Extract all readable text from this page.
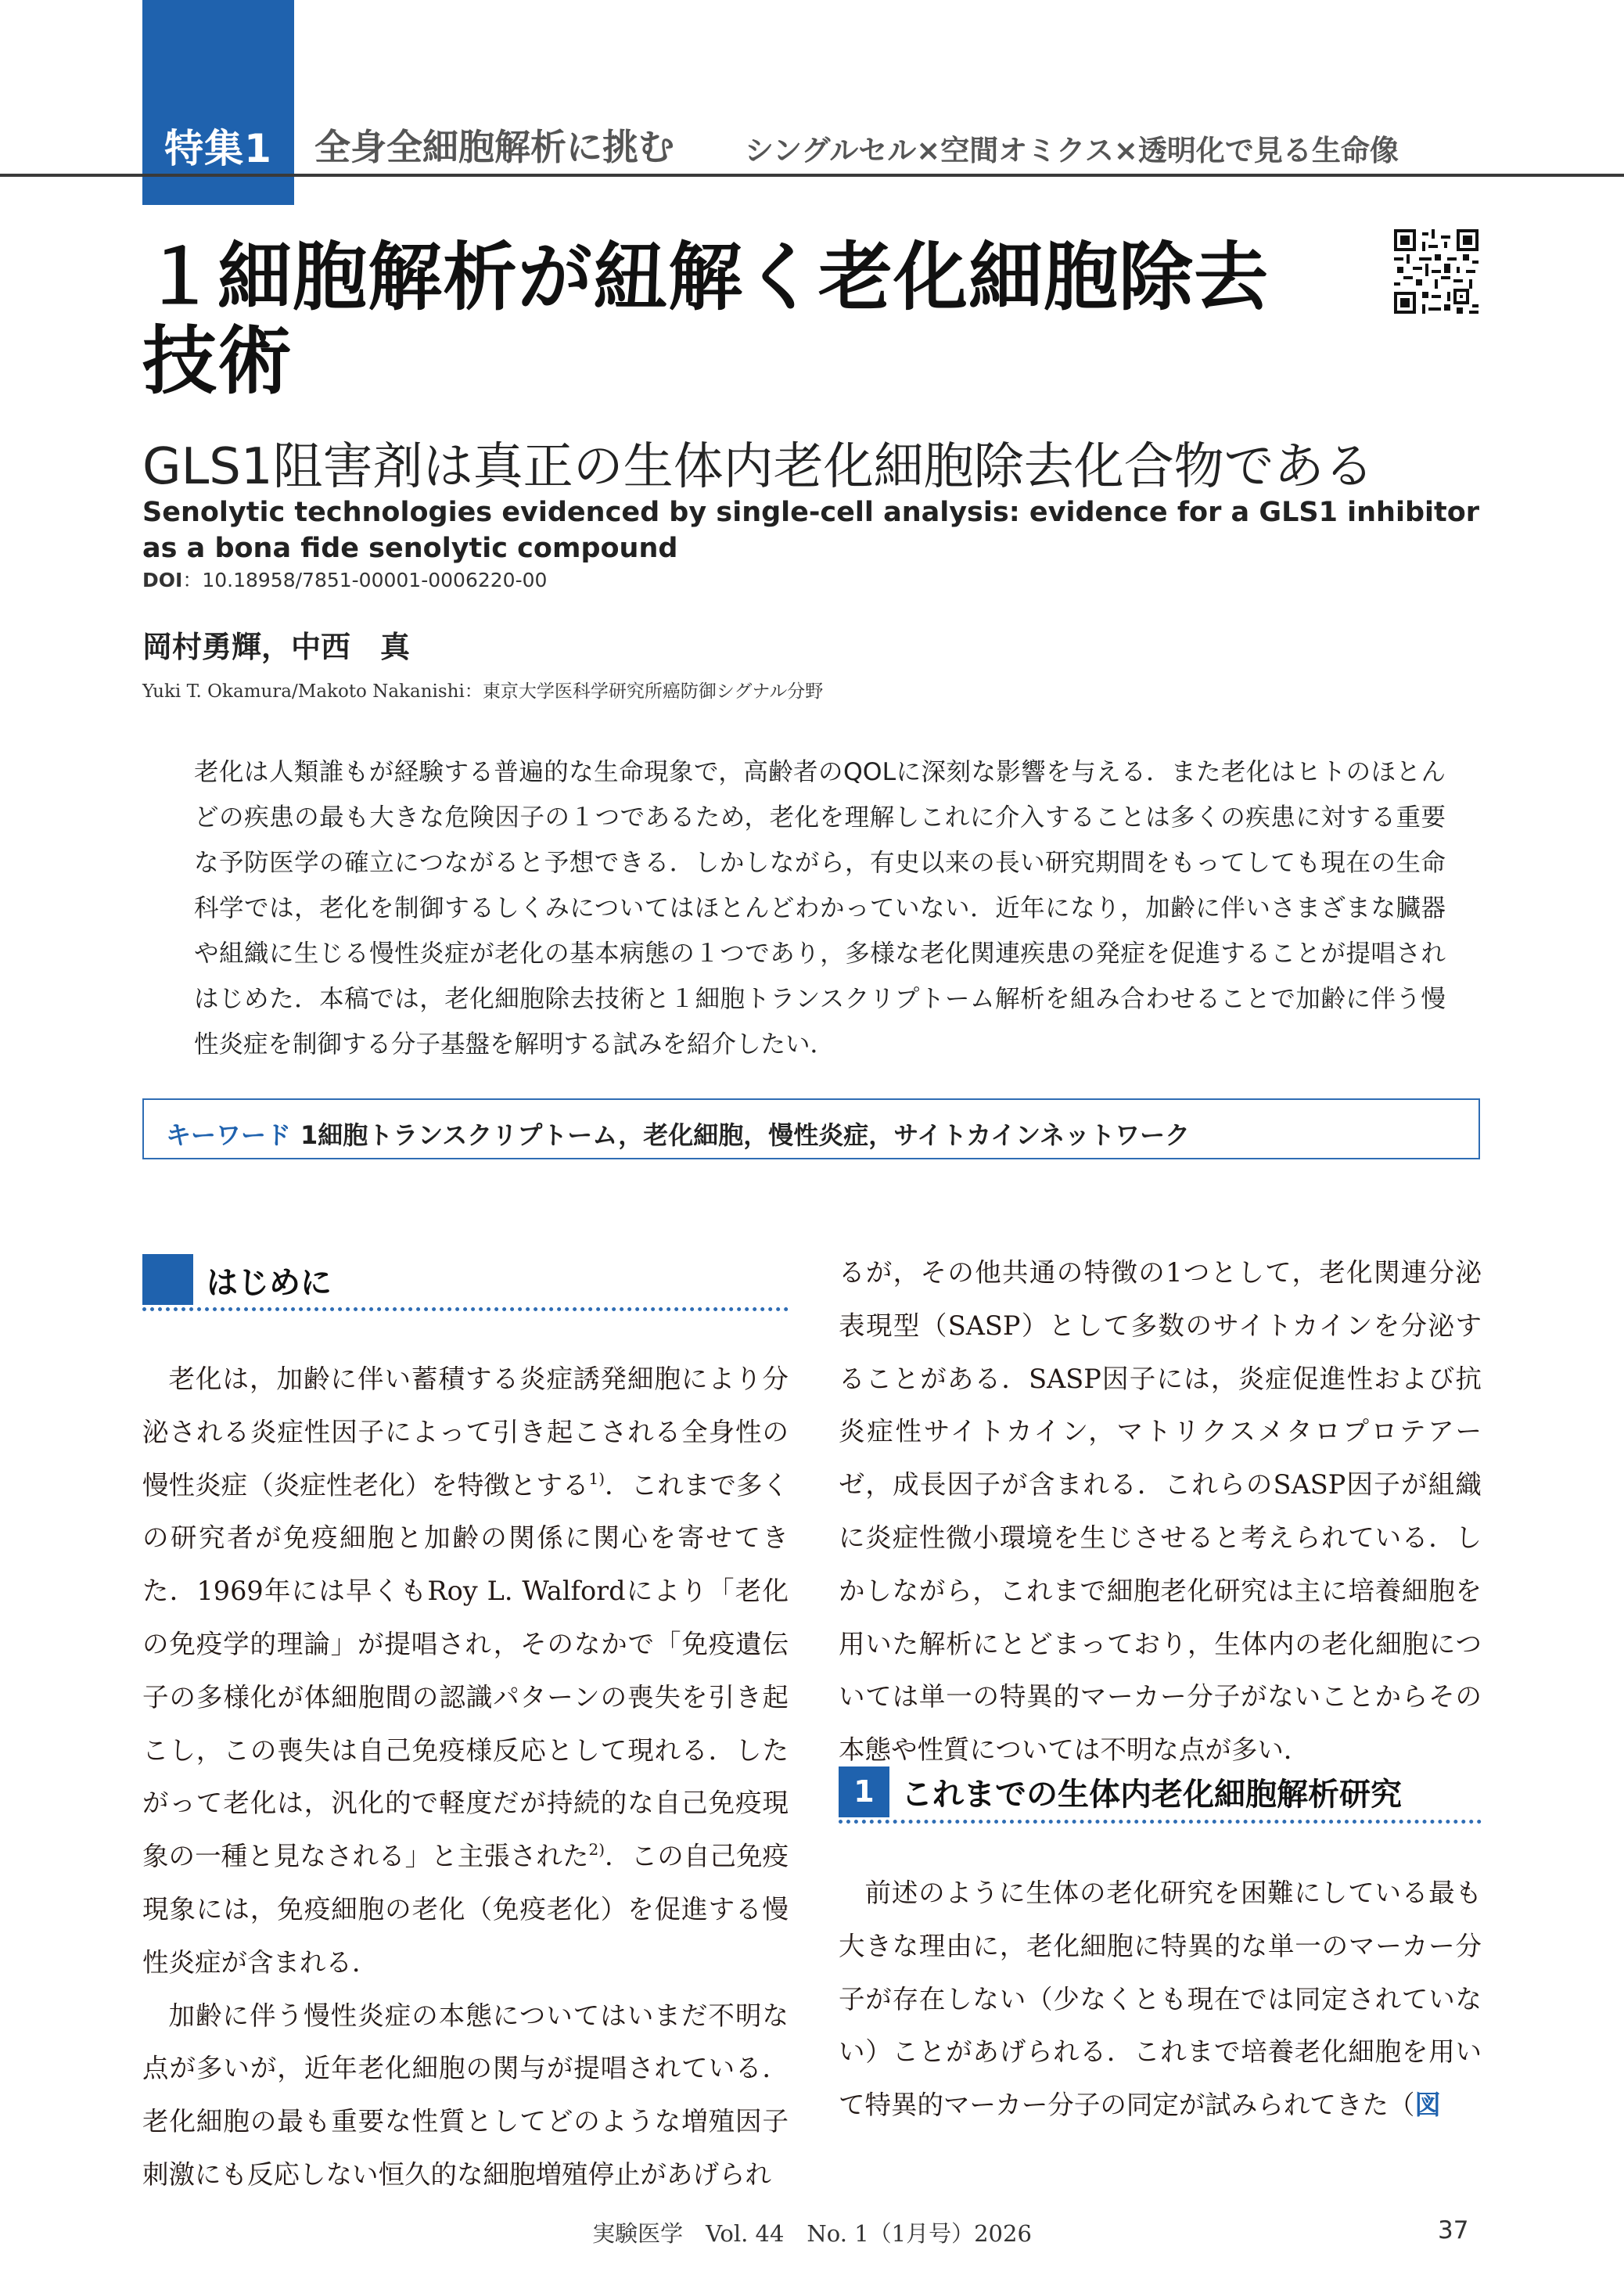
特集1	全身全細胞解析に挑む シングルセル×空間オミクス×透明化で見る生命像
１細胞解析が紐解く老化細胞除去
技術
GLS1阻害剤は真正の生体内老化細胞除去化合物である
Senolytic technologies evidenced by single-cell analysis: evidence for a GLS1 inhibitor as a bona fide senolytic compound
DOI：10.18958/7851-00001-0006220-00
岡村勇輝，中西　真
Yuki T. Okamura/Makoto Nakanishi：東京大学医科学研究所癌防御シグナル分野
老化は人類誰もが経験する普遍的な生命現象で，高齢者のQOLに深刻な影響を与える．また老化はヒトのほとんどの疾患の最も大きな危険因子の１つであるため，老化を理解しこれに介入することは多くの疾患に対する重要な予防医学の確立につながると予想できる．しかしながら，有史以来の長い研究期間をもってしても現在の生命科学では，老化を制御するしくみについてはほとんどわかっていない．近年になり，加齢に伴いさまざまな臓器や組織に生じる慢性炎症が老化の基本病態の１つであり，多様な老化関連疾患の発症を促進することが提唱されはじめた．本稿では，老化細胞除去技術と１細胞トランスクリプトーム解析を組み合わせることで加齢に伴う慢性炎症を制御する分子基盤を解明する試みを紹介したい．
キーワード 1細胞トランスクリプトーム，老化細胞，慢性炎症，サイトカインネットワーク
はじめに

老化は，加齢に伴い蓄積する炎症誘発細胞により分泌される炎症性因子によって引き起こされる全身性の慢性炎症（炎症性老化）を特徴とする$^{1)}$．これまで多くの研究者が免疫細胞と加齢の関係に関心を寄せてきた．1969年には早くもRoy L. Walfordにより「老化の免疫学的理論」が提唱され，そのなかで「免疫遺伝子の多様化が体細胞間の認識パターンの喪失を引き起こし，この喪失は自己免疫様反応として現れる．したがって老化は，汎化的で軽度だが持続的な自己免疫現象の一種と見なされる」と主張された$^{2)}$．この自己免疫現象には，免疫細胞の老化（免疫老化）を促進する慢性炎症が含まれる．

加齢に伴う慢性炎症の本態についてはいまだ不明な点が多いが，近年老化細胞の関与が提唱されている．老化細胞の最も重要な性質としてどのような増殖因子刺激にも反応しない恒久的な細胞増殖停止があげられ

るが，その他共通の特徴の1つとして，老化関連分泌表現型（SASP）として多数のサイトカインを分泌することがある．SASP因子には，炎症促進性および抗炎症性サイトカイン，マトリクスメタロプロテアーゼ，成長因子が含まれる．これらのSASP因子が組織に炎症性微小環境を生じさせると考えられている．しかしながら，これまで細胞老化研究は主に培養細胞を用いた解析にとどまっており，生体内の老化細胞については単一の特異的マーカー分子がないことからその本態や性質については不明な点が多い．

1 これまでの生体内老化細胞解析研究

前述のように生体の老化研究を困難にしている最も大きな理由に，老化細胞に特異的な単一のマーカー分子が存在しない（少なくとも現在では同定されていない）ことがあげられる．これまで培養老化細胞を用いて特異的マーカー分子の同定が試みられてきた（図

実験医学　Vol. 44　No. 1（1月号）2026	37
